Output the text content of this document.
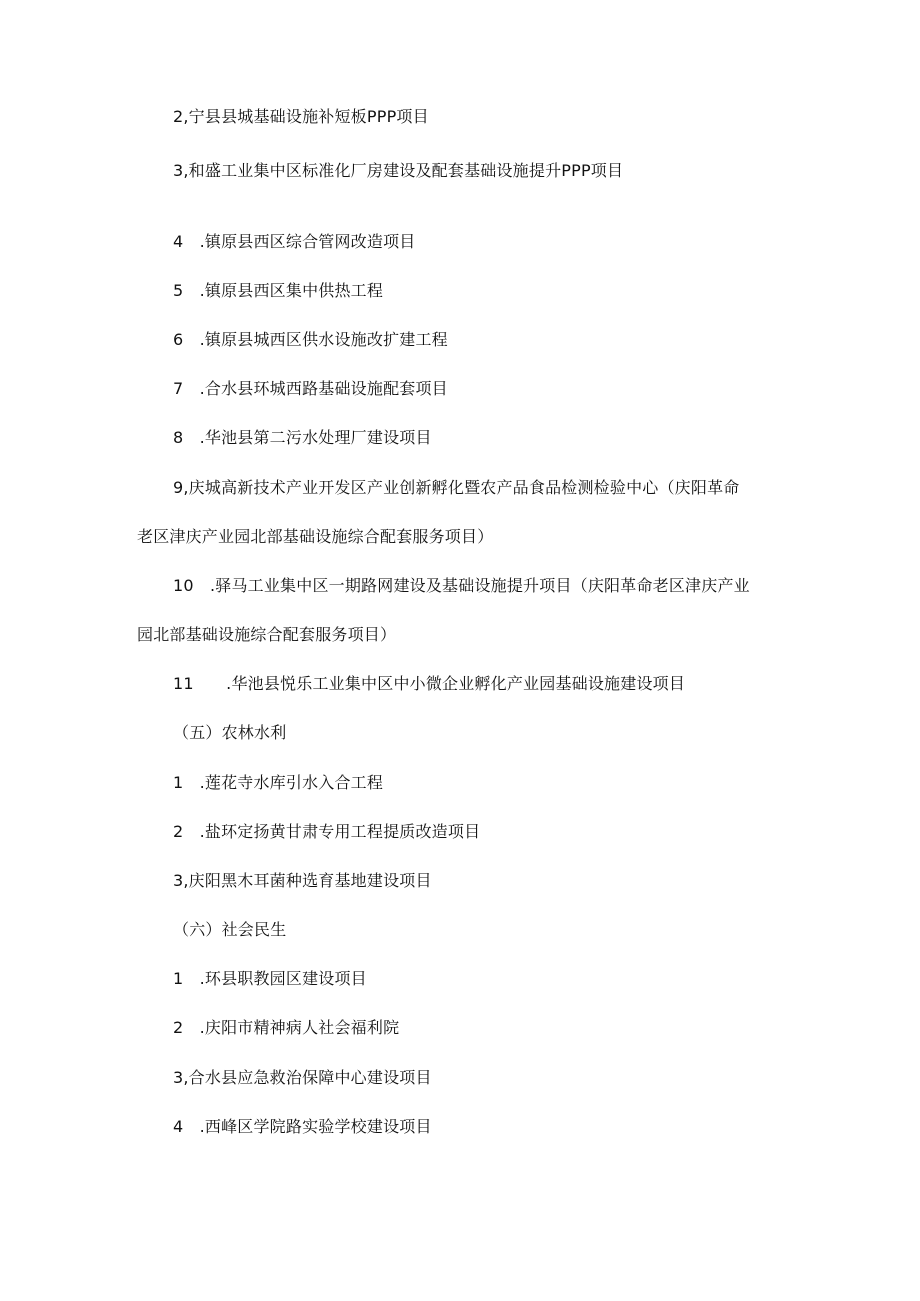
2,宁县县城基础设施补短板PPP项目
3,和盛工业集中区标准化厂房建设及配套基础设施提升PPP项目
4　.镇原县西区综合管网改造项目
5　.镇原县西区集中供热工程
6　.镇原县城西区供水设施改扩建工程
7　.合水县环城西路基础设施配套项目
8　.华池县第二污水处理厂建设项目
9,庆城高新技术产业开发区产业创新孵化暨农产品食品检测检验中心（庆阳革命
老区津庆产业园北部基础设施综合配套服务项目）
10　.驿马工业集中区一期路网建设及基础设施提升项目（庆阳革命老区津庆产业
园北部基础设施综合配套服务项目）
11　　.华池县悦乐工业集中区中小微企业孵化产业园基础设施建设项目
（五）农林水利
1　.莲花寺水库引水入合工程
2　.盐环定扬黄甘肃专用工程提质改造项目
3,庆阳黑木耳菌种选育基地建设项目
（六）社会民生
1　.环县职教园区建设项目
2　.庆阳市精神病人社会福利院
3,合水县应急救治保障中心建设项目
4　.西峰区学院路实验学校建设项目
